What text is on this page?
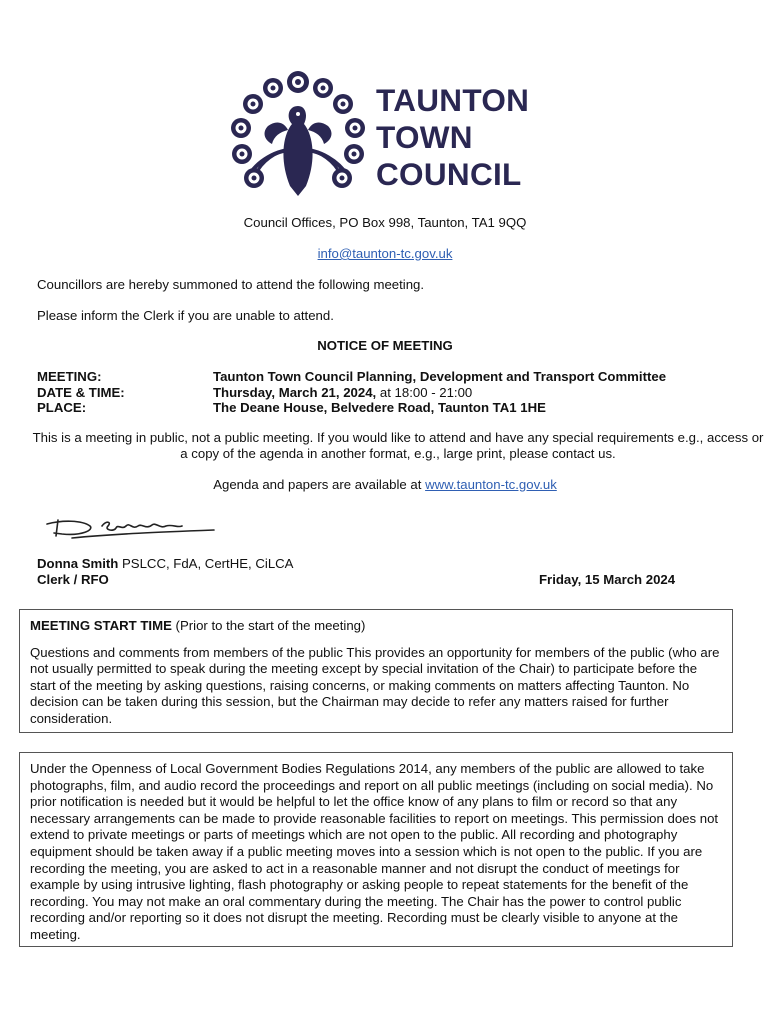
TAUNTON
TOWN
COUNCIL
Council Offices, PO Box 998, Taunton, TA1 9QQ
info@taunton-tc.gov.uk
Councillors are hereby summoned to attend the following meeting.
Please inform the Clerk if you are unable to attend.
NOTICE OF MEETING
MEETING:
DATE & TIME:
PLACE:
Taunton Town Council Planning, Development and Transport Committee
Thursday, March 21, 2024, at 18:00 - 21:00
The Deane House, Belvedere Road, Taunton TA1 1HE
This is a meeting in public, not a public meeting. If you would like to attend and have any special requirements e.g., access or a copy of the agenda in another format, e.g., large print, please contact us.
Agenda and papers are available at www.taunton-tc.gov.uk
Donna Smith PSLCC, FdA, CertHE, CiLCA
Clerk / RFO	Friday, 15 March 2024

MEETING START TIME (Prior to the start of the meeting)

Questions and comments from members of the public This provides an opportunity for members of the public (who are not usually permitted to speak during the meeting except by special invitation of the Chair) to participate before the start of the meeting by asking questions, raising concerns, or making comments on matters affecting Taunton. No decision can be taken during this session, but the Chairman may decide to refer any matters raised for further consideration.

Under the Openness of Local Government Bodies Regulations 2014, any members of the public are allowed to take photographs, film, and audio record the proceedings and report on all public meetings (including on social media). No prior notification is needed but it would be helpful to let the office know of any plans to film or record so that any necessary arrangements can be made to provide reasonable facilities to report on meetings. This permission does not extend to private meetings or parts of meetings which are not open to the public. All recording and photography equipment should be taken away if a public meeting moves into a session which is not open to the public. If you are recording the meeting, you are asked to act in a reasonable manner and not disrupt the conduct of meetings for example by using intrusive lighting, flash photography or asking people to repeat statements for the benefit of the recording. You may not make an oral commentary during the meeting. The Chair has the power to control public recording and/or reporting so it does not disrupt the meeting. Recording must be clearly visible to anyone at the meeting.
